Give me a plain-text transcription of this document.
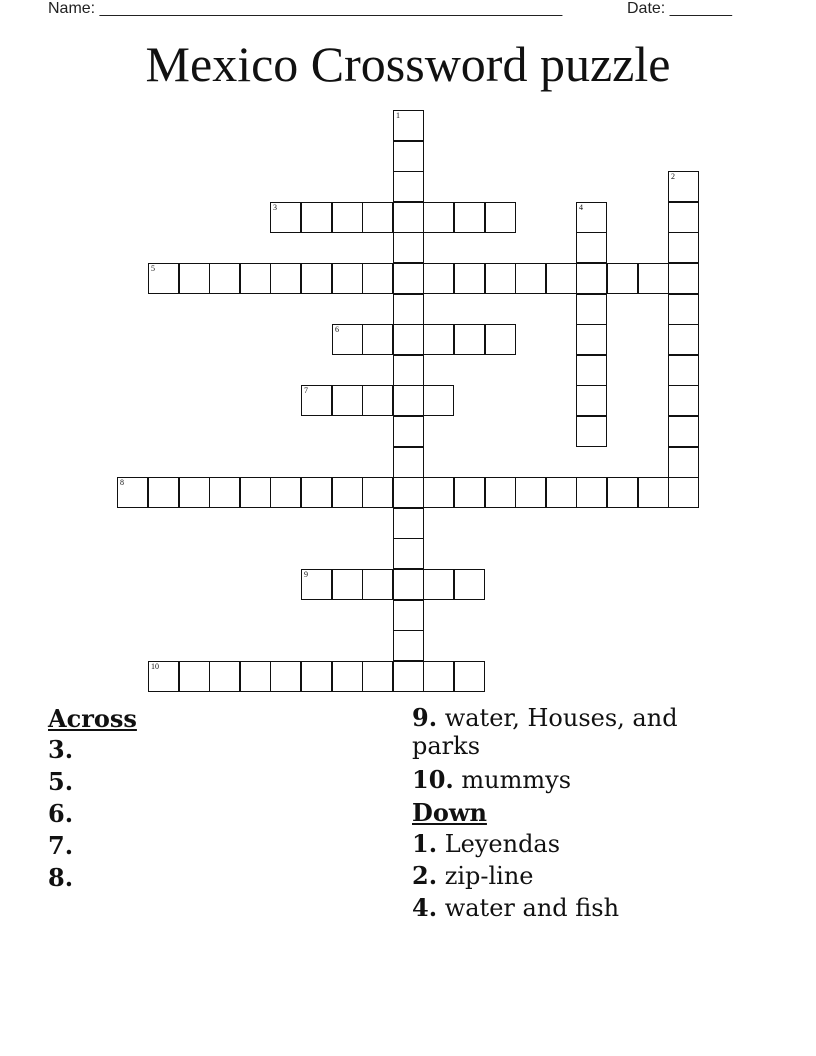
Name: ____________________________________________________	Date: _______
Mexico Crossword puzzle
1
2
3	4
5
6
7
8
9
10
Across
3.
5.
6.
7.
8.
9. water, Houses, and parks
10. mummys
Down
1. Leyendas
2. zip-line
4. water and fish
